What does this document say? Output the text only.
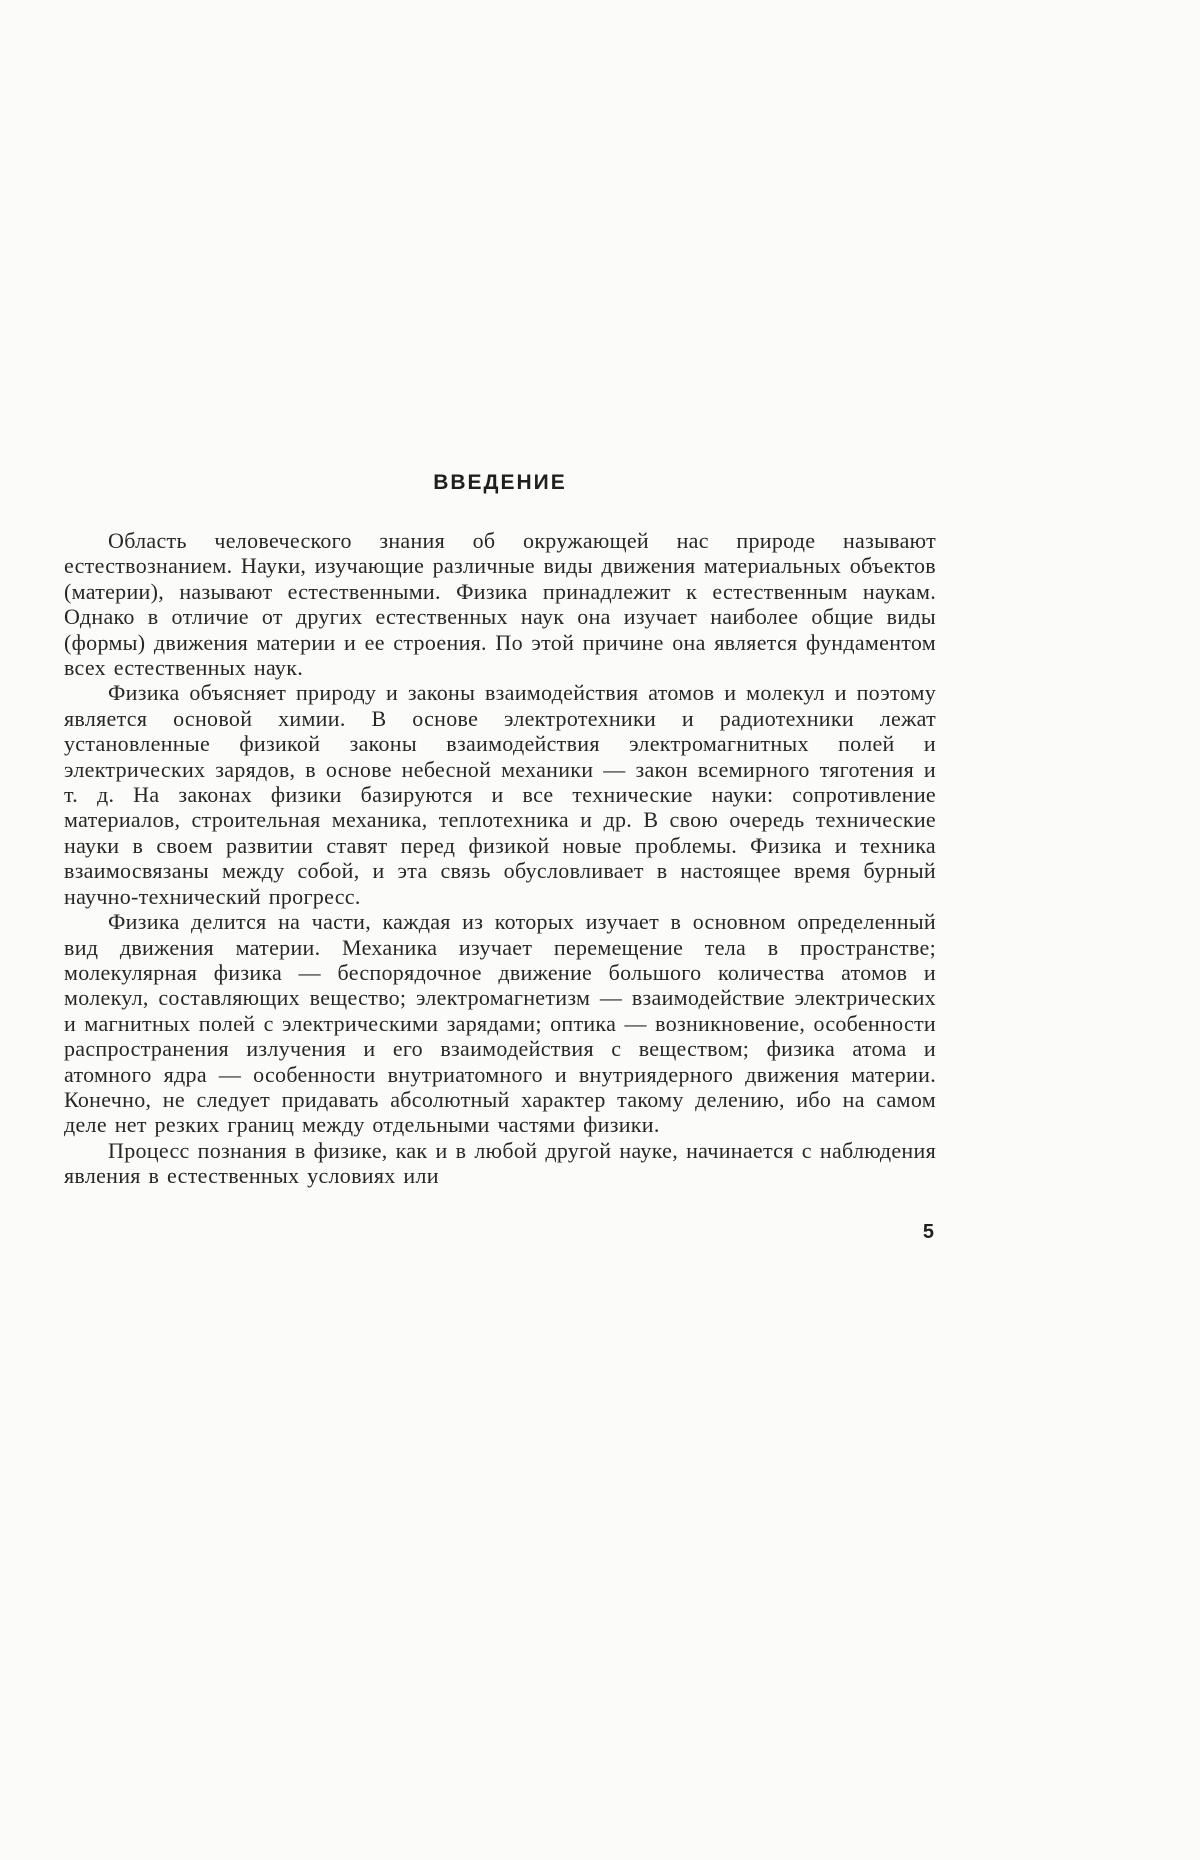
ВВЕДЕНИЕ

Область человеческого знания об окружающей нас природе называют естествознанием. Науки, изучающие различные виды движения материальных объектов (материи), называют естественными. Физика принадлежит к естественным наукам. Однако в отличие от других естественных наук она изучает наиболее общие виды (формы) движения материи и ее строения. По этой причине она является фундаментом всех естественных наук.

Физика объясняет природу и законы взаимодействия атомов и молекул и поэтому является основой химии. В основе электротехники и радиотехники лежат установленные физикой законы взаимодействия электромагнитных полей и электрических зарядов, в основе небесной механики — закон всемирного тяготения и т. д. На законах физики базируются и все технические науки: сопротивление материалов, строительная механика, теплотехника и др. В свою очередь технические науки в своем развитии ставят перед физикой новые проблемы. Физика и техника взаимосвязаны между собой, и эта связь обусловливает в настоящее время бурный научно-технический прогресс.

Физика делится на части, каждая из которых изучает в основном определенный вид движения материи. Механика изучает перемещение тела в пространстве; молекулярная физика — беспорядочное движение большого количества атомов и молекул, составляющих вещество; электромагнетизм — взаимодействие электрических и магнитных полей с электрическими зарядами; оптика — возникновение, особенности распространения излучения и его взаимодействия с веществом; физика атома и атомного ядра — особенности внутриатомного и внутриядерного движения материи. Конечно, не следует придавать абсолютный характер такому делению, ибо на самом деле нет резких границ между отдельными частями физики.

Процесс познания в физике, как и в любой другой науке, начинается с наблюдения явления в естественных условиях или

5
